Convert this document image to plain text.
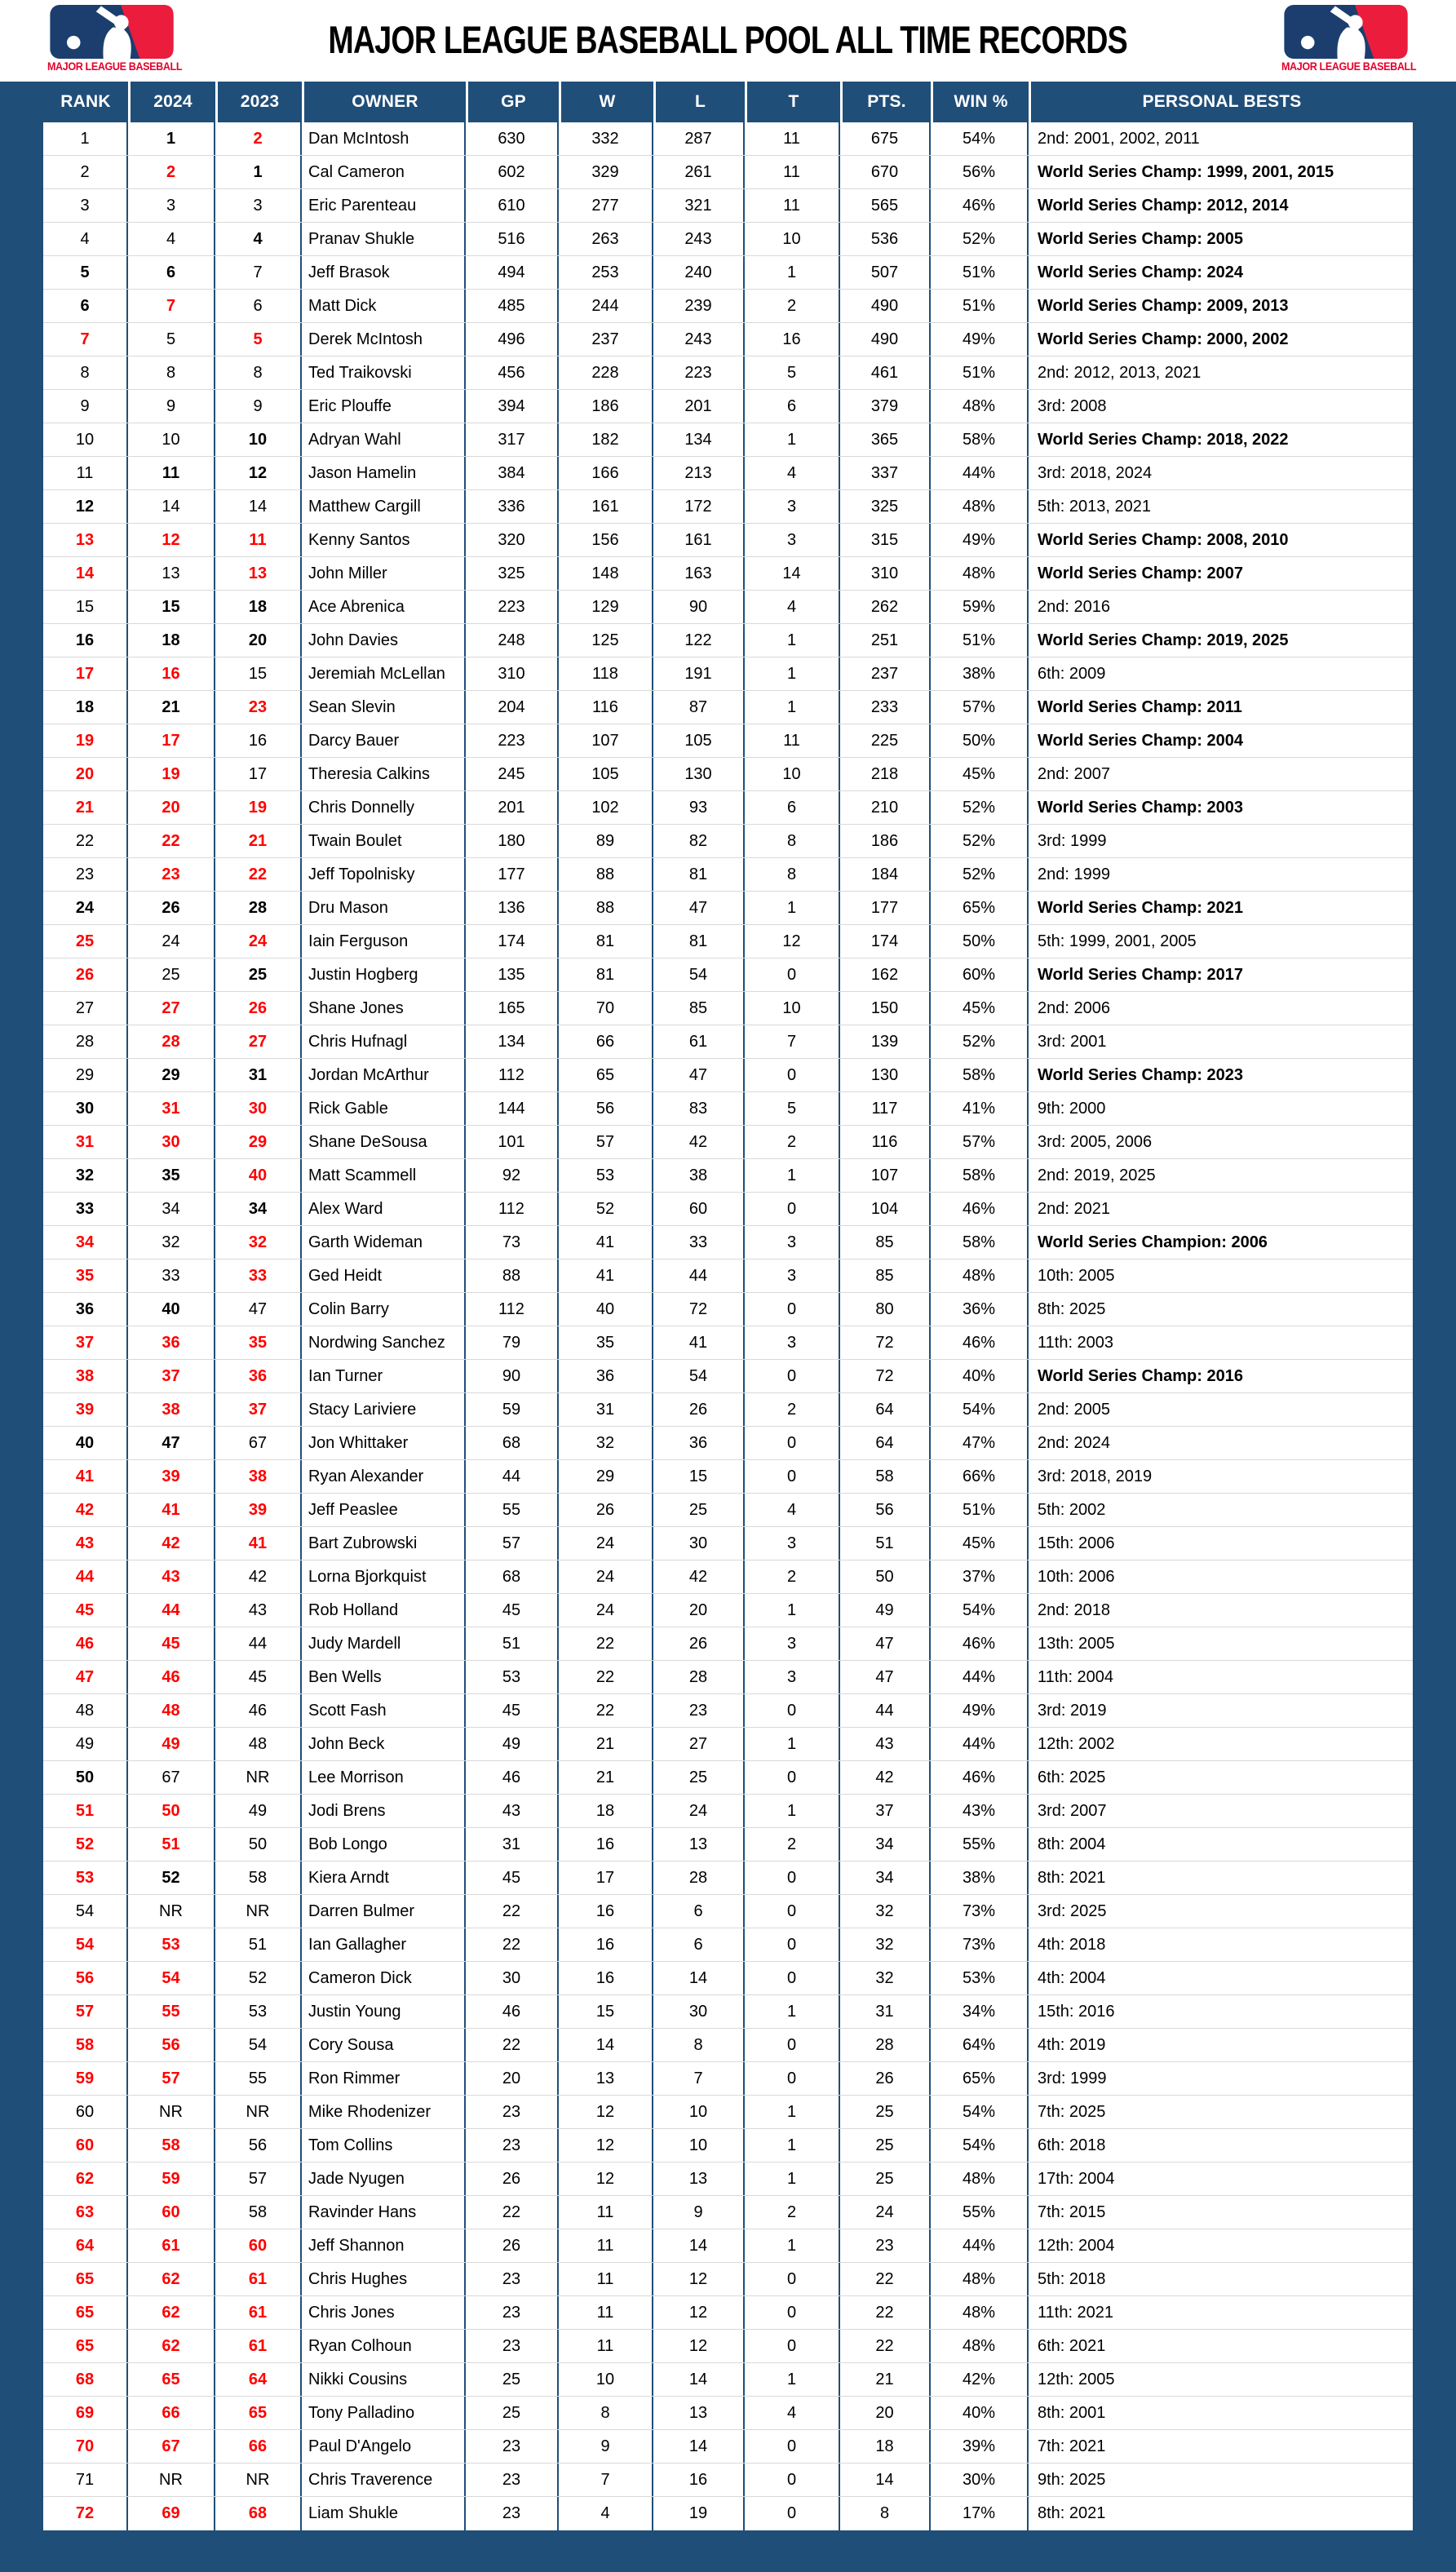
MAJOR LEAGUE BASEBALL POOL ALL TIME RECORDS
MAJOR LEAGUE BASEBALL	MAJOR LEAGUE BASEBALL
RANK	2024	2023	OWNER	GP	W	L	T	PTS.	WIN %	PERSONAL BESTS
1	1	2	Dan McIntosh	630	332	287	11	675	54%	2nd: 2001, 2002, 2011
2	2	1	Cal Cameron	602	329	261	11	670	56%	World Series Champ: 1999, 2001, 2015
3	3	3	Eric Parenteau	610	277	321	11	565	46%	World Series Champ: 2012, 2014
4	4	4	Pranav Shukle	516	263	243	10	536	52%	World Series Champ: 2005
5	6	7	Jeff Brasok	494	253	240	1	507	51%	World Series Champ: 2024
6	7	6	Matt Dick	485	244	239	2	490	51%	World Series Champ: 2009, 2013
7	5	5	Derek McIntosh	496	237	243	16	490	49%	World Series Champ: 2000, 2002
8	8	8	Ted Traikovski	456	228	223	5	461	51%	2nd: 2012, 2013, 2021
9	9	9	Eric Plouffe	394	186	201	6	379	48%	3rd: 2008
10	10	10	Adryan Wahl	317	182	134	1	365	58%	World Series Champ: 2018, 2022
11	11	12	Jason Hamelin	384	166	213	4	337	44%	3rd: 2018, 2024
12	14	14	Matthew Cargill	336	161	172	3	325	48%	5th: 2013, 2021
13	12	11	Kenny Santos	320	156	161	3	315	49%	World Series Champ: 2008, 2010
14	13	13	John Miller	325	148	163	14	310	48%	World Series Champ: 2007
15	15	18	Ace Abrenica	223	129	90	4	262	59%	2nd: 2016
16	18	20	John Davies	248	125	122	1	251	51%	World Series Champ: 2019, 2025
17	16	15	Jeremiah McLellan	310	118	191	1	237	38%	6th: 2009
18	21	23	Sean Slevin	204	116	87	1	233	57%	World Series Champ: 2011
19	17	16	Darcy Bauer	223	107	105	11	225	50%	World Series Champ: 2004
20	19	17	Theresia Calkins	245	105	130	10	218	45%	2nd: 2007
21	20	19	Chris Donnelly	201	102	93	6	210	52%	World Series Champ: 2003
22	22	21	Twain Boulet	180	89	82	8	186	52%	3rd: 1999
23	23	22	Jeff Topolnisky	177	88	81	8	184	52%	2nd: 1999
24	26	28	Dru Mason	136	88	47	1	177	65%	World Series Champ: 2021
25	24	24	Iain Ferguson	174	81	81	12	174	50%	5th: 1999, 2001, 2005
26	25	25	Justin Hogberg	135	81	54	0	162	60%	World Series Champ: 2017
27	27	26	Shane Jones	165	70	85	10	150	45%	2nd: 2006
28	28	27	Chris Hufnagl	134	66	61	7	139	52%	3rd: 2001
29	29	31	Jordan McArthur	112	65	47	0	130	58%	World Series Champ: 2023
30	31	30	Rick Gable	144	56	83	5	117	41%	9th: 2000
31	30	29	Shane DeSousa	101	57	42	2	116	57%	3rd: 2005, 2006
32	35	40	Matt Scammell	92	53	38	1	107	58%	2nd: 2019, 2025
33	34	34	Alex Ward	112	52	60	0	104	46%	2nd: 2021
34	32	32	Garth Wideman	73	41	33	3	85	58%	World Series Champion: 2006
35	33	33	Ged Heidt	88	41	44	3	85	48%	10th: 2005
36	40	47	Colin Barry	112	40	72	0	80	36%	8th: 2025
37	36	35	Nordwing Sanchez	79	35	41	3	72	46%	11th: 2003
38	37	36	Ian Turner	90	36	54	0	72	40%	World Series Champ: 2016
39	38	37	Stacy Lariviere	59	31	26	2	64	54%	2nd: 2005
40	47	67	Jon Whittaker	68	32	36	0	64	47%	2nd: 2024
41	39	38	Ryan Alexander	44	29	15	0	58	66%	3rd: 2018, 2019
42	41	39	Jeff Peaslee	55	26	25	4	56	51%	5th: 2002
43	42	41	Bart Zubrowski	57	24	30	3	51	45%	15th: 2006
44	43	42	Lorna Bjorkquist	68	24	42	2	50	37%	10th: 2006
45	44	43	Rob Holland	45	24	20	1	49	54%	2nd: 2018
46	45	44	Judy Mardell	51	22	26	3	47	46%	13th: 2005
47	46	45	Ben Wells	53	22	28	3	47	44%	11th: 2004
48	48	46	Scott Fash	45	22	23	0	44	49%	3rd: 2019
49	49	48	John Beck	49	21	27	1	43	44%	12th: 2002
50	67	NR	Lee Morrison	46	21	25	0	42	46%	6th: 2025
51	50	49	Jodi Brens	43	18	24	1	37	43%	3rd: 2007
52	51	50	Bob Longo	31	16	13	2	34	55%	8th: 2004
53	52	58	Kiera Arndt	45	17	28	0	34	38%	8th: 2021
54	NR	NR	Darren Bulmer	22	16	6	0	32	73%	3rd: 2025
54	53	51	Ian Gallagher	22	16	6	0	32	73%	4th: 2018
56	54	52	Cameron Dick	30	16	14	0	32	53%	4th: 2004
57	55	53	Justin Young	46	15	30	1	31	34%	15th: 2016
58	56	54	Cory Sousa	22	14	8	0	28	64%	4th: 2019
59	57	55	Ron Rimmer	20	13	7	0	26	65%	3rd: 1999
60	NR	NR	Mike Rhodenizer	23	12	10	1	25	54%	7th: 2025
60	58	56	Tom Collins	23	12	10	1	25	54%	6th: 2018
62	59	57	Jade Nyugen	26	12	13	1	25	48%	17th: 2004
63	60	58	Ravinder Hans	22	11	9	2	24	55%	7th: 2015
64	61	60	Jeff Shannon	26	11	14	1	23	44%	12th: 2004
65	62	61	Chris Hughes	23	11	12	0	22	48%	5th: 2018
65	62	61	Chris Jones	23	11	12	0	22	48%	11th: 2021
65	62	61	Ryan Colhoun	23	11	12	0	22	48%	6th: 2021
68	65	64	Nikki Cousins	25	10	14	1	21	42%	12th: 2005
69	66	65	Tony Palladino	25	8	13	4	20	40%	8th: 2001
70	67	66	Paul D'Angelo	23	9	14	0	18	39%	7th: 2021
71	NR	NR	Chris Traverence	23	7	16	0	14	30%	9th: 2025
72	69	68	Liam Shukle	23	4	19	0	8	17%	8th: 2021
